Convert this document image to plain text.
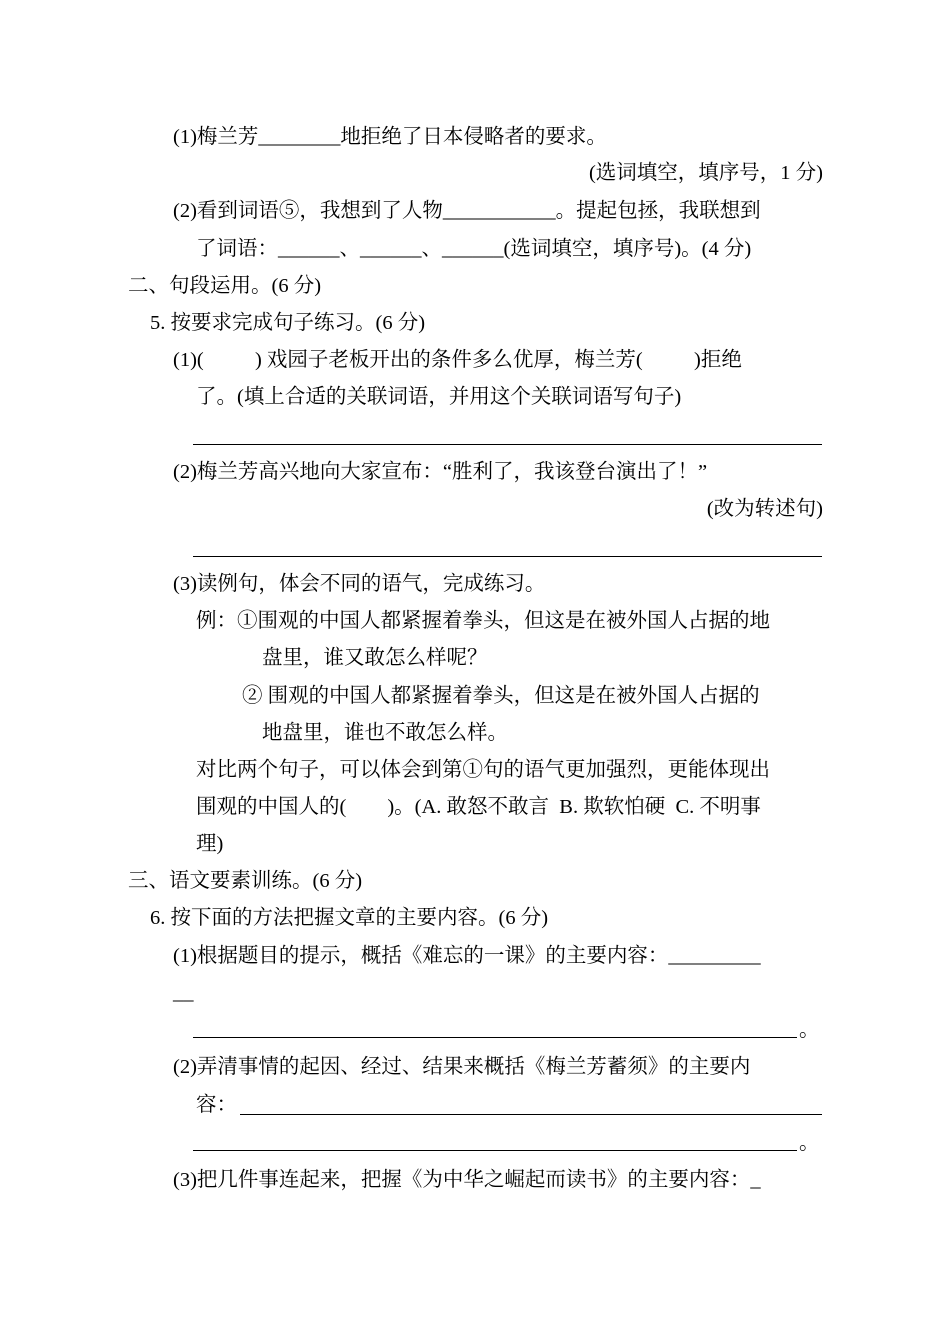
(1)梅兰芳________地拒绝了日本侵略者的要求。
(选词填空，填序号，1 分)
(2)看到词语⑤，我想到了人物___________。提起包拯，我联想到
了词语：______、______、______(选词填空，填序号)。(4 分)
二、句段运用。(6 分)
5. 按要求完成句子练习。(6 分)
(1)(          ) 戏园子老板开出的条件多么优厚，梅兰芳(          )拒绝
了。(填上合适的关联词语，并用这个关联词语写句子)
(2)梅兰芳高兴地向大家宣布：“胜利了，我该登台演出了！”
(改为转述句)
(3)读例句，体会不同的语气，完成练习。
例：①围观的中国人都紧握着拳头，但这是在被外国人占据的地
盘里，谁又敢怎么样呢？
② 围观的中国人都紧握着拳头，但这是在被外国人占据的
地盘里，谁也不敢怎么样。
对比两个句子，可以体会到第①句的语气更加强烈，更能体现出
围观的中国人的(        )。(A. 敢怒不敢言  B. 欺软怕硬  C. 不明事
理)
三、语文要素训练。(6 分)
6. 按下面的方法把握文章的主要内容。(6 分)
(1)根据题目的提示，概括《难忘的一课》的主要内容：_________
__
。
(2)弄清事情的起因、经过、结果来概括《梅兰芳蓄须》的主要内
容：
。
(3)把几件事连起来，把握《为中华之崛起而读书》的主要内容：_
